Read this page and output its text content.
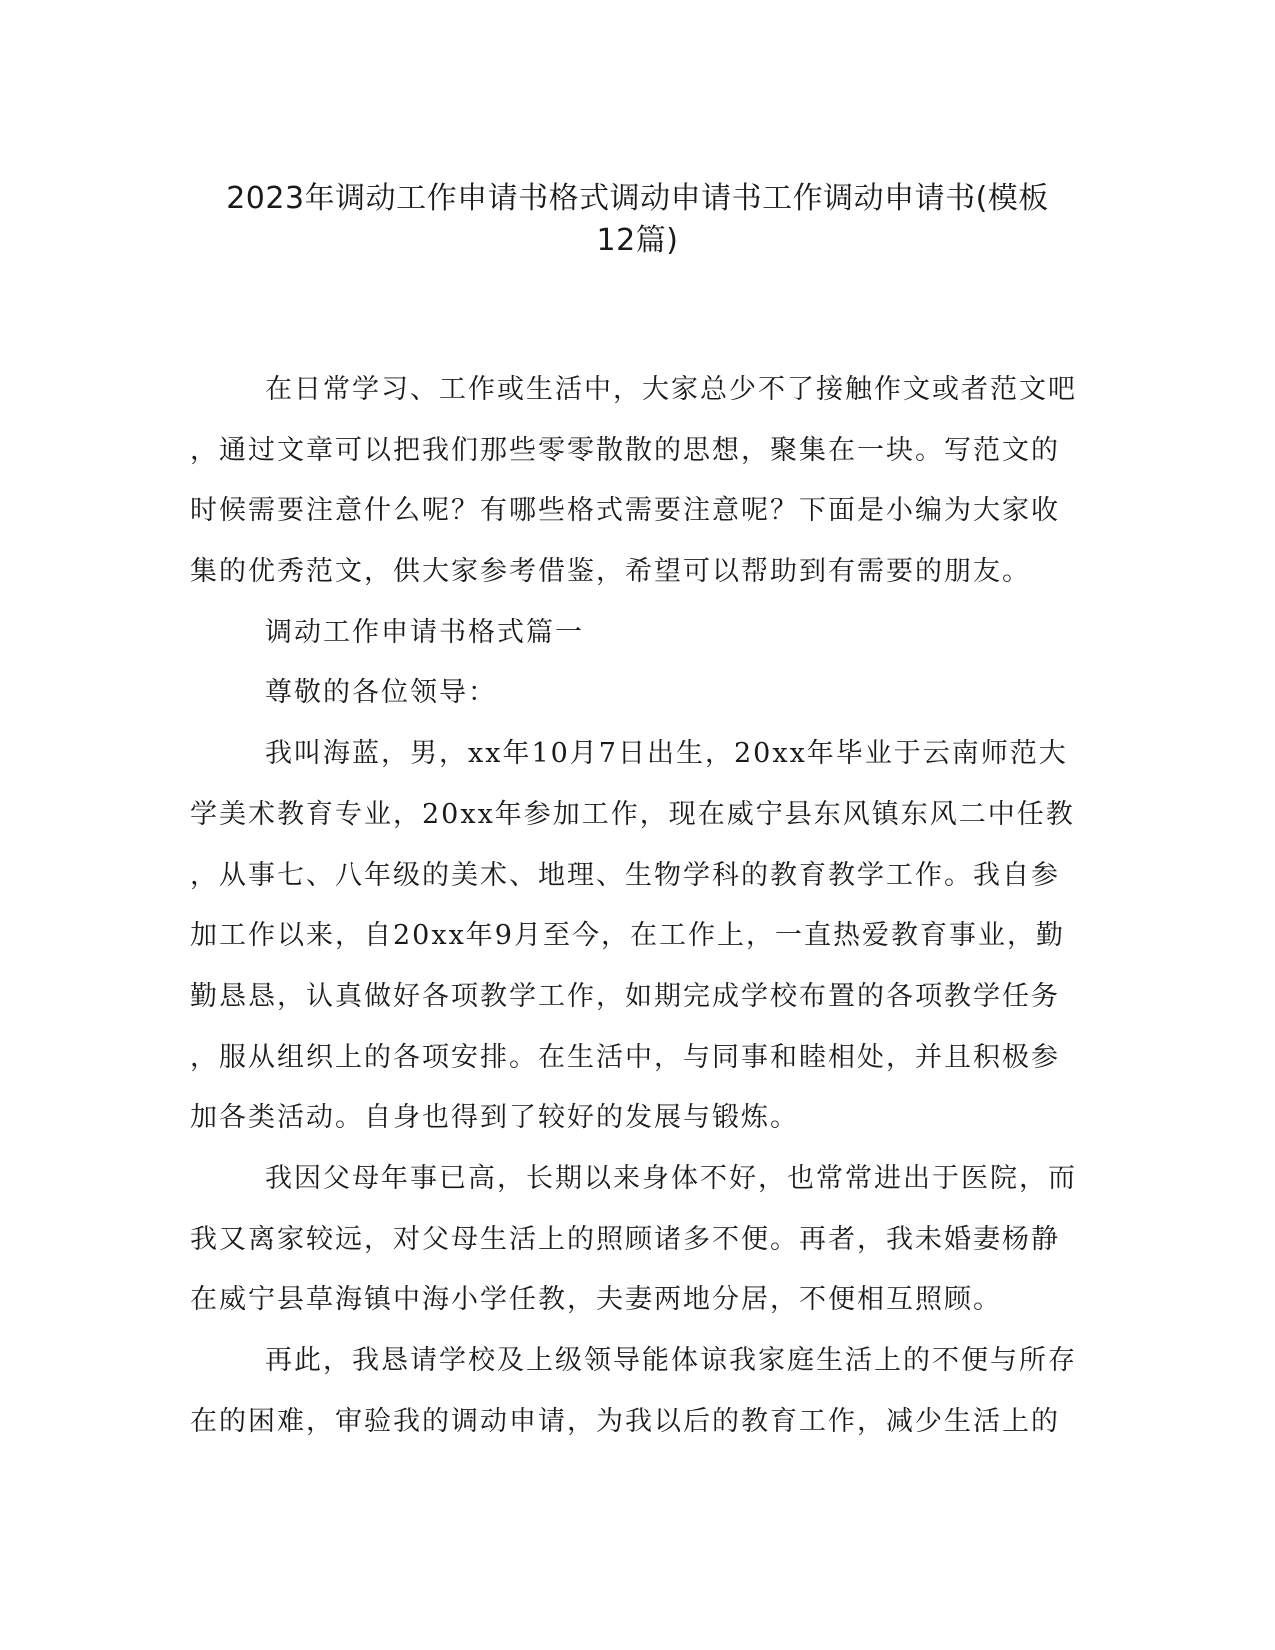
2023年调动工作申请书格式调动申请书工作调动申请书(模板
12篇)
在日常学习、工作或生活中，大家总少不了接触作文或者范文吧
，通过文章可以把我们那些零零散散的思想，聚集在一块。写范文的
时候需要注意什么呢？有哪些格式需要注意呢？下面是小编为大家收
集的优秀范文，供大家参考借鉴，希望可以帮助到有需要的朋友。
调动工作申请书格式篇一
尊敬的各位领导：
我叫海蓝，男，xx年10月7日出生，20xx年毕业于云南师范大
学美术教育专业，20xx年参加工作，现在威宁县东风镇东风二中任教
，从事七、八年级的美术、地理、生物学科的教育教学工作。我自参
加工作以来，自20xx年9月至今，在工作上，一直热爱教育事业，勤
勤恳恳，认真做好各项教学工作，如期完成学校布置的各项教学任务
，服从组织上的各项安排。在生活中，与同事和睦相处，并且积极参
加各类活动。自身也得到了较好的发展与锻炼。
我因父母年事已高，长期以来身体不好，也常常进出于医院，而
我又离家较远，对父母生活上的照顾诸多不便。再者，我未婚妻杨静
在威宁县草海镇中海小学任教，夫妻两地分居，不便相互照顾。
再此，我恳请学校及上级领导能体谅我家庭生活上的不便与所存
在的困难，审验我的调动申请，为我以后的教育工作，减少生活上的
